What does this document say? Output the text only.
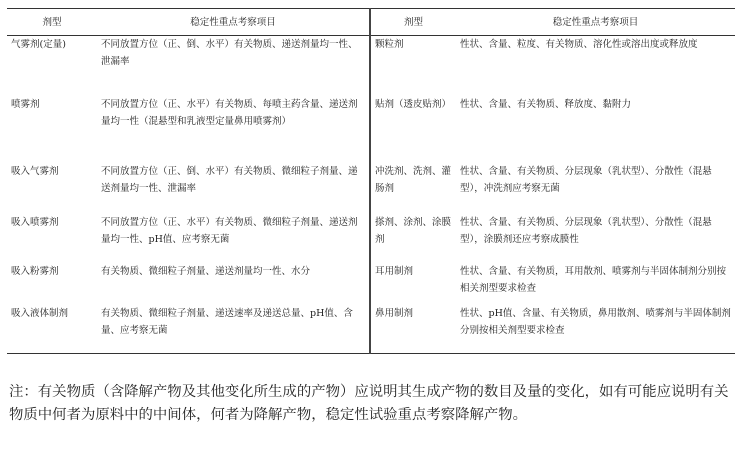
剂型	稳定性重点考察项目	剂型	稳定性重点考察项目
气雾剂(定量)	不同放置方位（正、倒、水平）有关物质、递送剂量均一性、泄漏率	颗粒剂	性状、含量、粒度、有关物质、溶化性或溶出度或释放度
喷雾剂	不同放置方位（正、水平）有关物质、每喷主药含量、递送剂量均一性（混悬型和乳液型定量鼻用喷雾剂）	贴剂（透皮贴剂）	性状、含量、有关物质、释放度、黏附力
吸入气雾剂	不同放置方位（正、倒、水平）有关物质、微细粒子剂量、递送剂量均一性、泄漏率	冲洗剂、洗剂、灌肠剂	性状、含量、有关物质、分层现象（乳状型）、分散性（混悬型），冲洗剂应考察无菌
吸入喷雾剂	不同放置方位（正、水平）有关物质、微细粒子剂量、递送剂量均一性、pH值、应考察无菌	搽剂、涂剂、涂膜剂	性状、含量、有关物质、分层现象（乳状型）、分散性（混悬型），涂膜剂还应考察成膜性
吸入粉雾剂	有关物质、微细粒子剂量、递送剂量均一性、水分	耳用制剂	性状、含量、有关物质，耳用散剂、喷雾剂与半固体制剂分别按相关剂型要求检查
吸入液体制剂	有关物质、微细粒子剂量、递送速率及递送总量、pH值、含量、应考察无菌	鼻用制剂	性状、pH值、含量、有关物质，鼻用散剂、喷雾剂与半固体制剂分别按相关剂型要求检查
注：有关物质（含降解产物及其他变化所生成的产物）应说明其生成产物的数目及量的变化，如有可能应说明有关物质中何者为原料中的中间体，何者为降解产物，稳定性试验重点考察降解产物。
